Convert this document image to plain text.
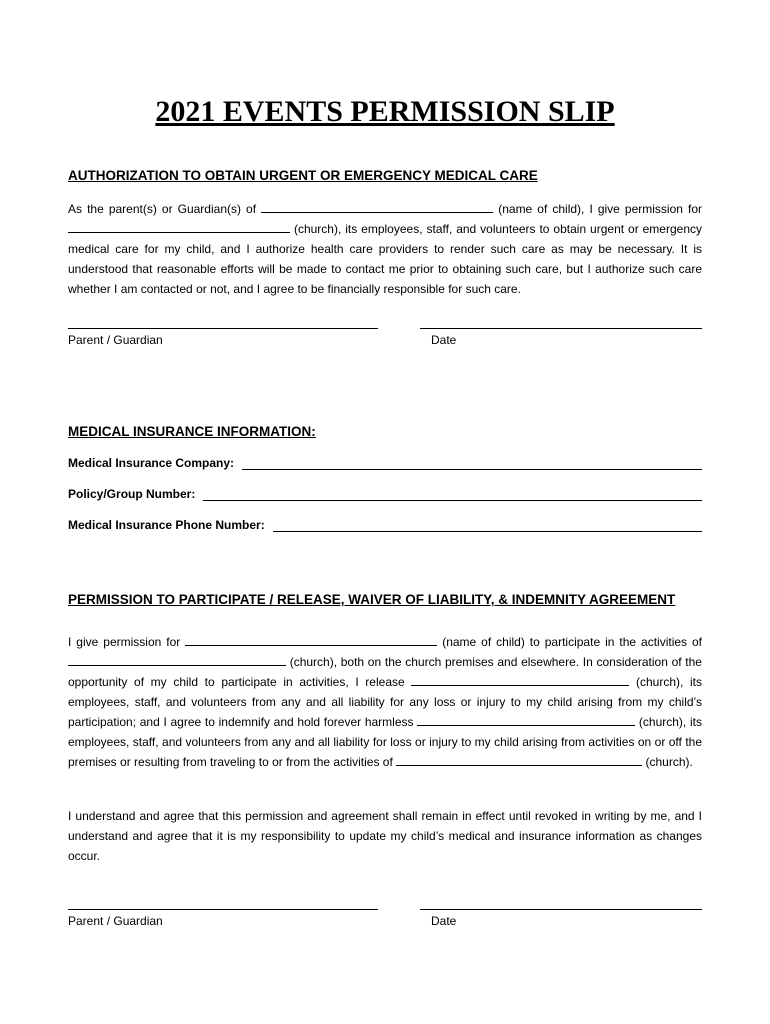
2021 EVENTS PERMISSION SLIP
AUTHORIZATION TO OBTAIN URGENT OR EMERGENCY MEDICAL CARE
As the parent(s) or Guardian(s) of	(name of child), I give permission for  (church), its employees, staff, and volunteers to obtain urgent or emergency medical care for my child, and I authorize health care providers to render such care as may be necessary. It is understood that reasonable efforts will be made to contact me prior to obtaining such care, but I authorize such care whether I am contacted or not, and I agree to be financially responsible for such care.
Parent / Guardian	Date
MEDICAL INSURANCE INFORMATION:
Medical Insurance Company:
Policy/Group Number:
Medical Insurance Phone Number:
PERMISSION TO PARTICIPATE / RELEASE, WAIVER OF LIABILITY, & INDEMNITY AGREEMENT
I give permission for	(name of child) to participate in the activities of  (church), both on the church premises and elsewhere. In consideration of the opportunity of my child to participate in activities, I release	(church), its employees, staff, and volunteers from any and all liability for any loss or injury to my child arising from my child’s participation; and I agree to indemnify and hold forever harmless	(church), its employees, staff, and volunteers from any and all liability for loss or injury to my child arising from activities on or off the premises or resulting from traveling to or from the activities of	(church).
I understand and agree that this permission and agreement shall remain in effect until revoked in writing by me, and I understand and agree that it is my responsibility to update my child’s medical and insurance information as changes occur.
Parent / Guardian	Date
